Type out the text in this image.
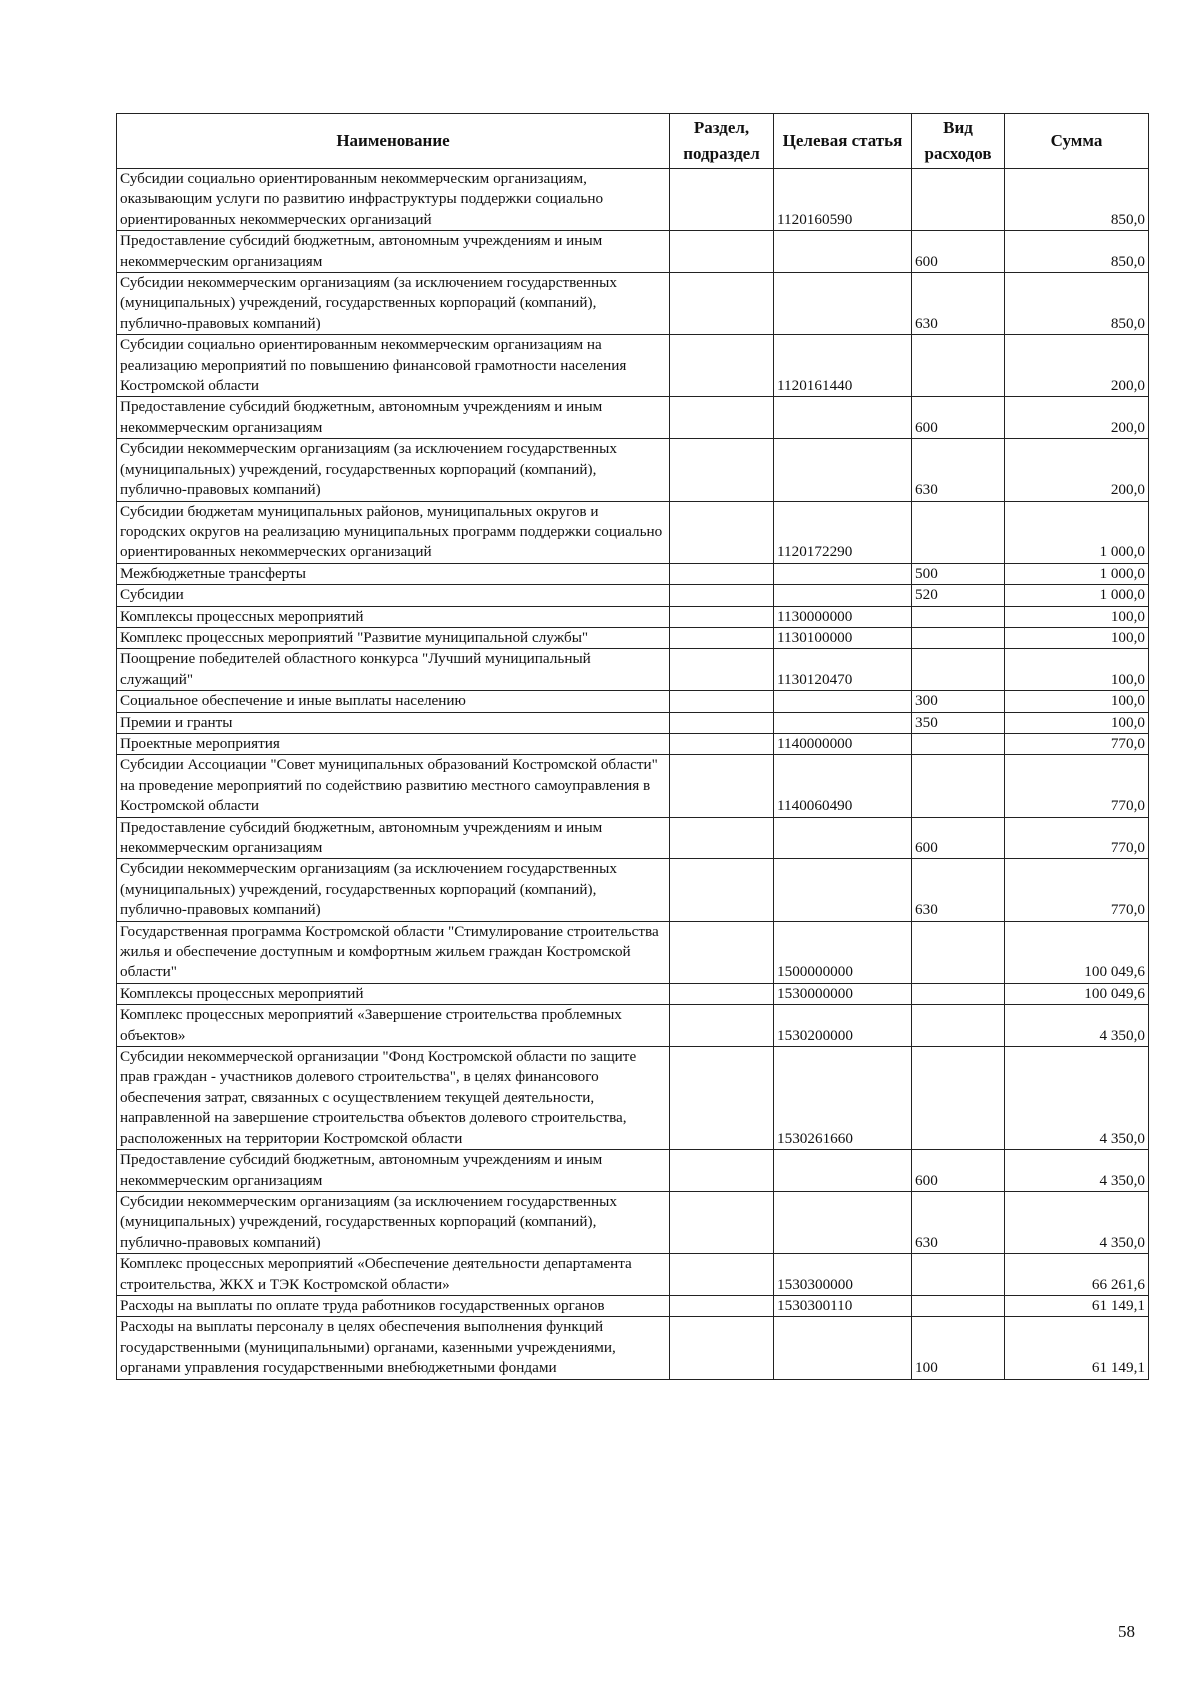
Наименование	Раздел, подраздел	Целевая статья	Вид расходов	Сумма
Субсидии социально ориентированным некоммерческим организациям, оказывающим услуги по развитию инфраструктуры поддержки социально ориентированных некоммерческих организаций		1120160590		850,0
Предоставление субсидий бюджетным, автономным учреждениям и иным некоммерческим организациям			600	850,0
Субсидии некоммерческим организациям (за исключением государственных (муниципальных) учреждений, государственных корпораций (компаний), публично-правовых компаний)			630	850,0
Субсидии социально ориентированным некоммерческим организациям на реализацию мероприятий по повышению финансовой грамотности населения Костромской области		1120161440		200,0
Предоставление субсидий бюджетным, автономным учреждениям и иным некоммерческим организациям			600	200,0
Субсидии некоммерческим организациям (за исключением государственных (муниципальных) учреждений, государственных корпораций (компаний), публично-правовых компаний)			630	200,0
Субсидии бюджетам муниципальных районов, муниципальных округов и городских округов на реализацию муниципальных программ поддержки социально ориентированных некоммерческих организаций		1120172290		1 000,0
Межбюджетные трансферты			500	1 000,0
Субсидии			520	1 000,0
Комплексы процессных мероприятий		1130000000		100,0
Комплекс процессных мероприятий "Развитие муниципальной службы"		1130100000		100,0
Поощрение победителей областного конкурса "Лучший муниципальный служащий"		1130120470		100,0
Социальное обеспечение и иные выплаты населению			300	100,0
Премии и гранты			350	100,0
Проектные мероприятия		1140000000		770,0
Субсидии Ассоциации "Совет муниципальных образований Костромской области" на проведение мероприятий по содействию развитию местного самоуправления в Костромской области		1140060490		770,0
Предоставление субсидий бюджетным, автономным учреждениям и иным некоммерческим организациям			600	770,0
Субсидии некоммерческим организациям (за исключением государственных (муниципальных) учреждений, государственных корпораций (компаний), публично-правовых компаний)			630	770,0
Государственная программа Костромской области "Стимулирование строительства жилья и обеспечение доступным и комфортным жильем граждан Костромской области"		1500000000		100 049,6
Комплексы процессных мероприятий		1530000000		100 049,6
Комплекс процессных мероприятий «Завершение строительства проблемных объектов»		1530200000		4 350,0
Субсидии некоммерческой организации "Фонд Костромской области по защите прав граждан - участников долевого строительства", в целях финансового обеспечения затрат, связанных с осуществлением текущей деятельности, направленной на завершение строительства объектов долевого строительства, расположенных на территории Костромской области		1530261660		4 350,0
Предоставление субсидий бюджетным, автономным учреждениям и иным некоммерческим организациям			600	4 350,0
Субсидии некоммерческим организациям (за исключением государственных (муниципальных) учреждений, государственных корпораций (компаний), публично-правовых компаний)			630	4 350,0
Комплекс процессных мероприятий «Обеспечение деятельности департамента строительства, ЖКХ и ТЭК Костромской области»		1530300000		66 261,6
Расходы на выплаты по оплате труда работников государственных органов		1530300110		61 149,1
Расходы на выплаты персоналу в целях обеспечения выполнения функций государственными (муниципальными) органами, казенными учреждениями, органами управления государственными внебюджетными фондами			100	61 149,1
58
